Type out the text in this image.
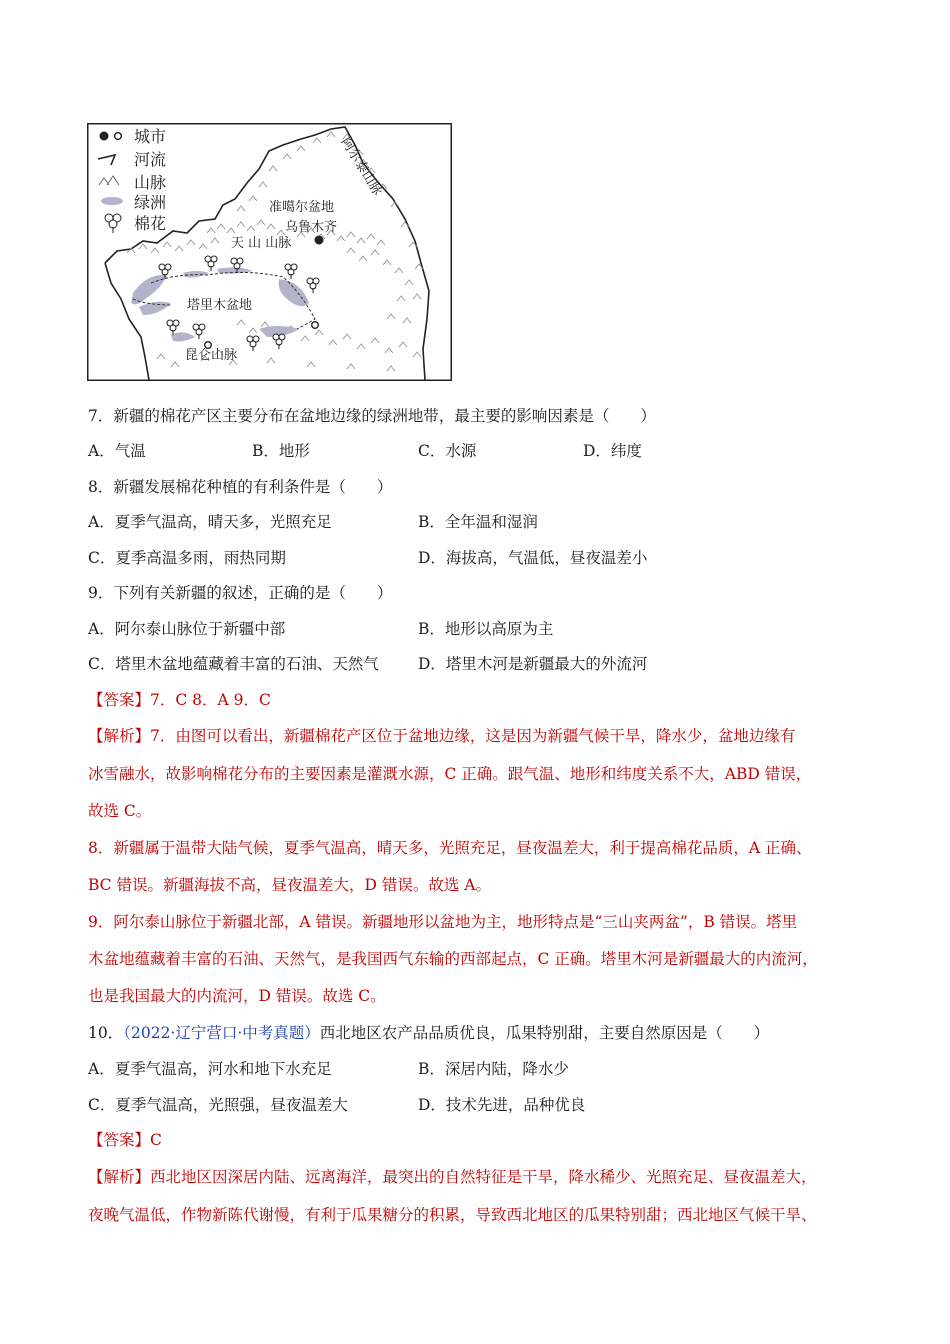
城市
河流
山脉
绿洲
棉花
阿尔泰山脉
准噶尔盆地
乌鲁木齐
天 山 山脉
塔里木盆地
昆仑山脉
7．新疆的棉花产区主要分布在盆地边缘的绿洲地带，最主要的影响因素是（　　）
A．气温	B．地形	C．水源	D．纬度
8．新疆发展棉花种植的有利条件是（　　）
A．夏季气温高，晴天多，光照充足	B．全年温和湿润
C．夏季高温多雨，雨热同期	D．海拔高，气温低，昼夜温差小
9．下列有关新疆的叙述，正确的是（　　）
A．阿尔泰山脉位于新疆中部	B．地形以高原为主
C．塔里木盆地蕴藏着丰富的石油、天然气	D．塔里木河是新疆最大的外流河
【答案】7．C 8．A 9．C
【解析】7．由图可以看出，新疆棉花产区位于盆地边缘，这是因为新疆气候干旱，降水少，盆地边缘有
冰雪融水，故影响棉花分布的主要因素是灌溉水源，C 正确。跟气温、地形和纬度关系不大，ABD 错误，
故选 C。
8．新疆属于温带大陆气候，夏季气温高，晴天多，光照充足，昼夜温差大，利于提高棉花品质，A 正确、
BC 错误。新疆海拔不高，昼夜温差大，D 错误。故选 A。
9．阿尔泰山脉位于新疆北部，A 错误。新疆地形以盆地为主，地形特点是“三山夹两盆”，B 错误。塔里
木盆地蕴藏着丰富的石油、天然气，是我国西气东输的西部起点，C 正确。塔里木河是新疆最大的内流河，
也是我国最大的内流河，D 错误。故选 C。
10．（2022·辽宁营口·中考真题）西北地区农产品品质优良，瓜果特别甜，主要自然原因是（　　）
A．夏季气温高，河水和地下水充足	B．深居内陆，降水少
C．夏季气温高，光照强，昼夜温差大	D．技术先进，品种优良
【答案】C
【解析】西北地区因深居内陆、远离海洋，最突出的自然特征是干旱，降水稀少、光照充足、昼夜温差大，
夜晚气温低，作物新陈代谢慢，有利于瓜果糖分的积累，导致西北地区的瓜果特别甜；西北地区气候干旱、
